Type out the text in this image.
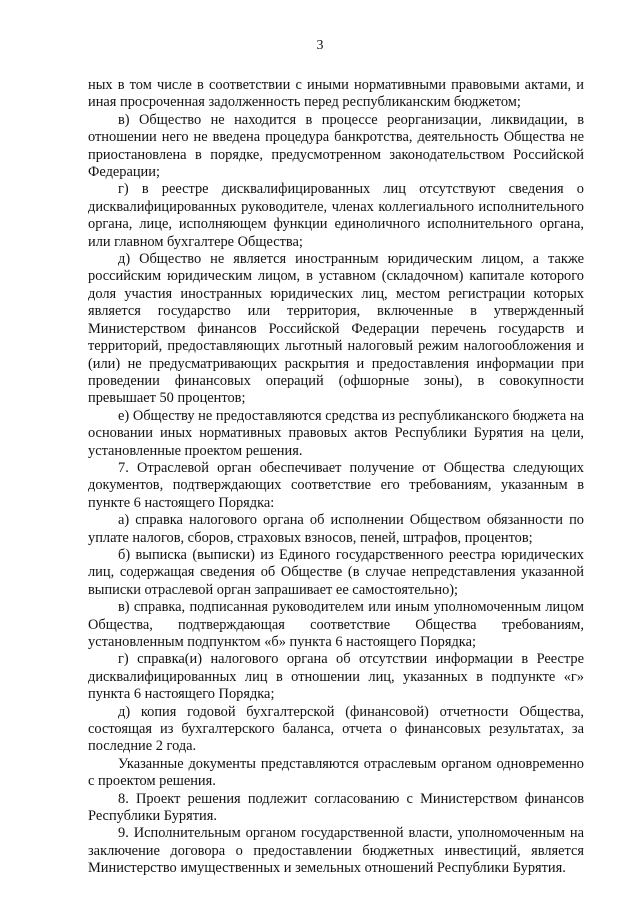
3

ных в том числе в соответствии с иными нормативными правовыми актами, и иная просроченная задолженность перед республиканским бюджетом;

в) Общество не находится в процессе реорганизации, ликвидации, в отношении него не введена процедура банкротства, деятельность Общества не приостановлена в порядке, предусмотренном законодательством Российской Федерации;

г) в реестре дисквалифицированных лиц отсутствуют сведения о дисквалифицированных руководителе, членах коллегиального исполнительного органа, лице, исполняющем функции единоличного исполнительного органа, или главном бухгалтере Общества;

д) Общество не является иностранным юридическим лицом, а также российским юридическим лицом, в уставном (складочном) капитале которого доля участия иностранных юридических лиц, местом регистрации которых является государство или территория, включенные в утвержденный Министерством финансов Российской Федерации перечень государств и территорий, предоставляющих льготный налоговый режим налогообложения и (или) не предусматривающих раскрытия и предоставления информации при проведении финансовых операций (офшорные зоны), в совокупности превышает 50 процентов;

е) Обществу не предоставляются средства из республиканского бюджета на основании иных нормативных правовых актов Республики Бурятия на цели, установленные проектом решения.

7. Отраслевой орган обеспечивает получение от Общества следующих документов, подтверждающих соответствие его требованиям, указанным в пункте 6 настоящего Порядка:

а) справка налогового органа об исполнении Обществом обязанности по уплате налогов, сборов, страховых взносов, пеней, штрафов, процентов;

б) выписка (выписки) из Единого государственного реестра юридических лиц, содержащая сведения об Обществе (в случае непредставления указанной выписки отраслевой орган запрашивает ее самостоятельно);

в) справка, подписанная руководителем или иным уполномоченным лицом Общества, подтверждающая соответствие Общества требованиям, установленным подпунктом «б» пункта 6 настоящего Порядка;

г) справка(и) налогового органа об отсутствии информации в Реестре дисквалифицированных лиц в отношении лиц, указанных в подпункте «г» пункта 6 настоящего Порядка;

д) копия годовой бухгалтерской (финансовой) отчетности Общества, состоящая из бухгалтерского баланса, отчета о финансовых результатах, за последние 2 года.

Указанные документы представляются отраслевым органом одновременно с проектом решения.

8. Проект решения подлежит согласованию с Министерством финансов Республики Бурятия.

9. Исполнительным органом государственной власти, уполномоченным на заключение договора о предоставлении бюджетных инвестиций, является Министерство имущественных и земельных отношений Республики Бурятия.
